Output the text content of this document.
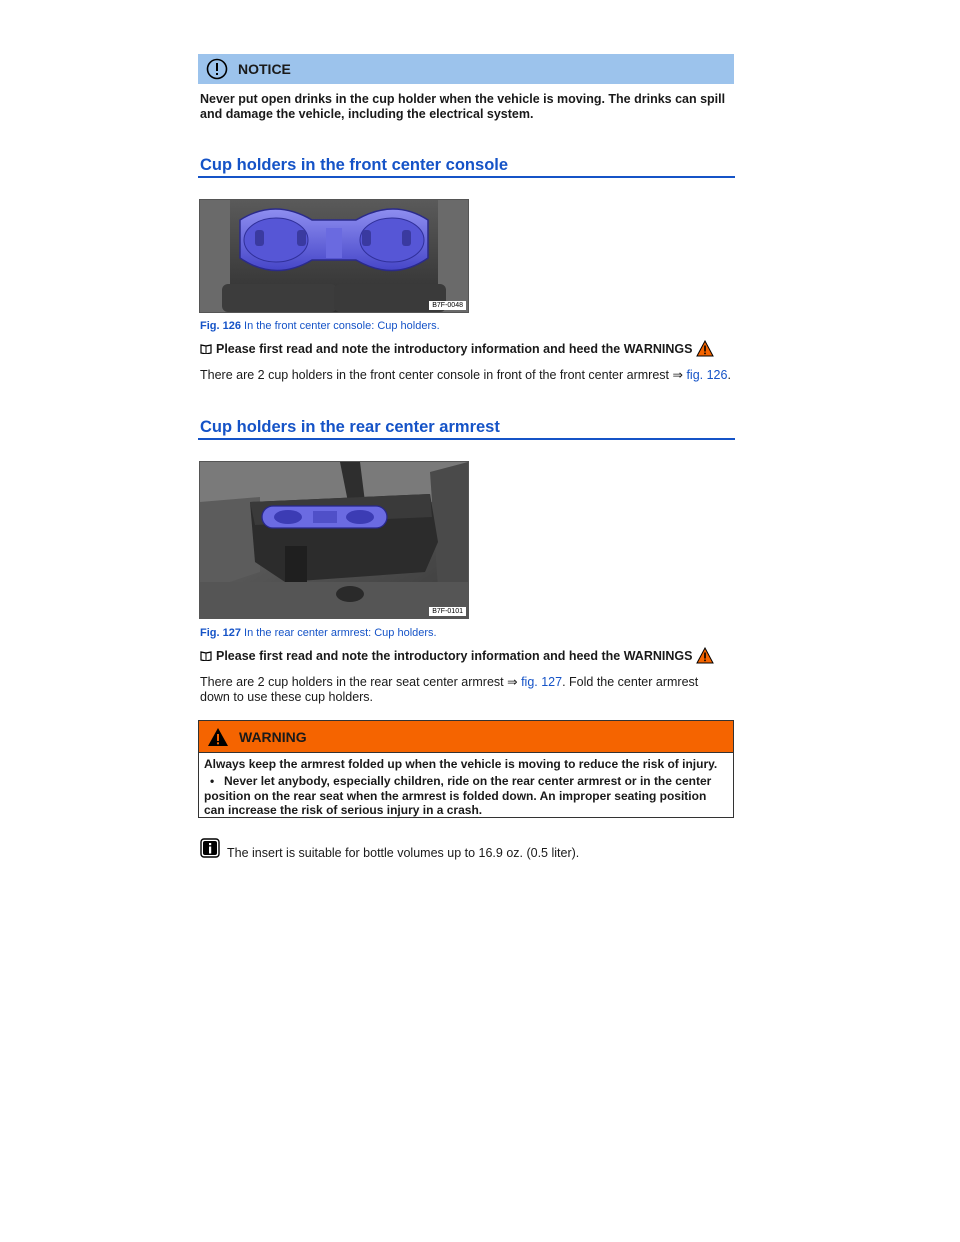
NOTICE
Never put open drinks in the cup holder when the vehicle is moving. The drinks can spill and damage the vehicle, including the electrical system.
Cup holders in the front center console
B7F-0048
Fig. 126 In the front center console: Cup holders.
Please first read and note the introductory information and heed the WARNINGS
There are 2 cup holders in the front center console in front of the front center armrest ⇒ fig. 126.
Cup holders in the rear center armrest
B7F-0101
Fig. 127 In the rear center armrest: Cup holders.
Please first read and note the introductory information and heed the WARNINGS
There are 2 cup holders in the rear seat center armrest ⇒ fig. 127. Fold the center armrest down to use these cup holders.
WARNING
Always keep the armrest folded up when the vehicle is moving to reduce the risk of injury.
• Never let anybody, especially children, ride on the rear center armrest or in the center position on the rear seat when the armrest is folded down. An improper seating position can increase the risk of serious injury in a crash.
The insert is suitable for bottle volumes up to 16.9 oz. (0.5 liter).
